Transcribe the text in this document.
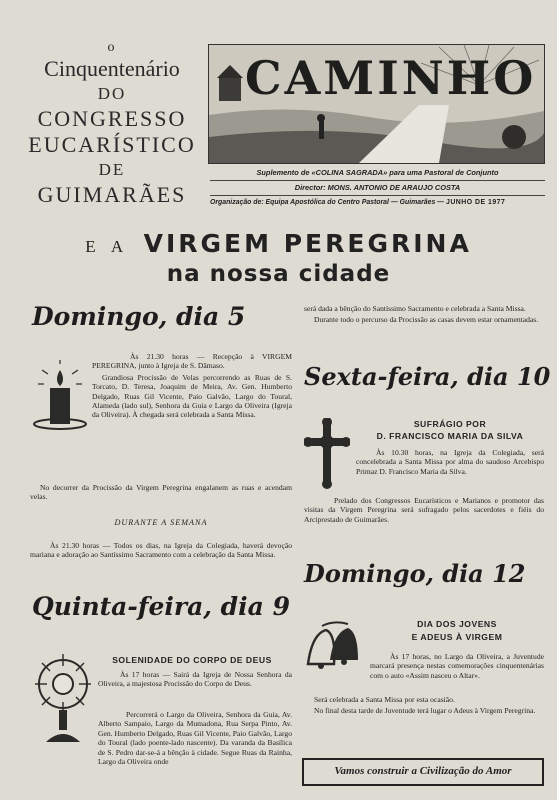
o
Cinquentenário
DO
CONGRESSO
EUCARÍSTICO
DE
GUIMARÃES
CAMINHO
Suplemento de «COLINA SAGRADA» para uma Pastoral de Conjunto
Director: MONS. ANTONIO DE ARAUJO COSTA
Organização de: Equipa Apostólica do Centro Pastoral — Guimarães — JUNHO DE 1977
E A VIRGEM PEREGRINA
na nossa cidade
Domingo, dia 5

Às 21.30 horas — Recepção à VIRGEM PEREGRINA, junto à Igreja de S. Dâmaso.

Grandiosa Procissão de Velas percorrendo as Ruas de S. Torcato, D. Teresa, Joaquim de Meira, Av. Gen. Humberto Delgado, Ruas Gil Vicente, Paio Galvão, Largo do Toural, Alameda (lado sul), Senhora da Guia e Largo da Oliveira (Igreja da Oliveira). À chegada será celebrada a Santa Missa.

No decorrer da Procissão da Virgem Peregrina engalanem as ruas e acendam velas.

DURANTE A SEMANA

Às 21.30 horas — Todos os dias, na Igreja da Colegiada, haverá devoção mariana e adoração ao Santíssimo Sacramento com a celebração da Santa Missa.

Quinta-feira, dia 9
SOLENIDADE DO CORPO DE DEUS

Às 17 horas — Sairá da Igreja de Nossa Senhora da Oliveira, a majestosa Procissão do Corpo de Deus.

Percorrerá o Largo da Oliveira, Senhora da Guia, Av. Alberto Sampaio, Largo da Mumadona, Rua Serpa Pinto, Av. Gen. Humberto Delgado, Ruas Gil Vicente, Paio Galvão, Largo do Toural (lado poente-lado nascente). Da varanda da Basílica de S. Pedro dar-se-á a bênção à cidade. Segue Ruas da Rainha, Largo da Oliveira onde

será dada a bênção do Santíssimo Sacramento e celebrada a Santa Missa.

Durante todo o percurso da Procissão as casas devem estar ornamentadas.

Sexta-feira, dia 10
SUFRÁGIO POR
D. FRANCISCO MARIA DA SILVA

Às 10.30 horas, na Igreja da Colegiada, será concelebrada a Santa Missa por alma do saudoso Arcebispo Primaz D. Francisco Maria da Silva.

Prelado dos Congressos Eucarísticos e Marianos e promotor das visitas da Virgem Peregrina será sufragado pelos sacerdotes e fiéis do Arciprestado de Guimarães.

Domingo, dia 12
DIA DOS JOVENS
E ADEUS À VIRGEM

Às 17 horas, no Largo da Oliveira, a Juventude marcará presença nestas comemorações cinquentenárias com o auto «Assim nasceu o Altar».

Será celebrada a Santa Missa por esta ocasião.

No final desta tarde de Juventude terá lugar o Adeus à Virgem Peregrina.

Vamos construir a Civilização do Amor
